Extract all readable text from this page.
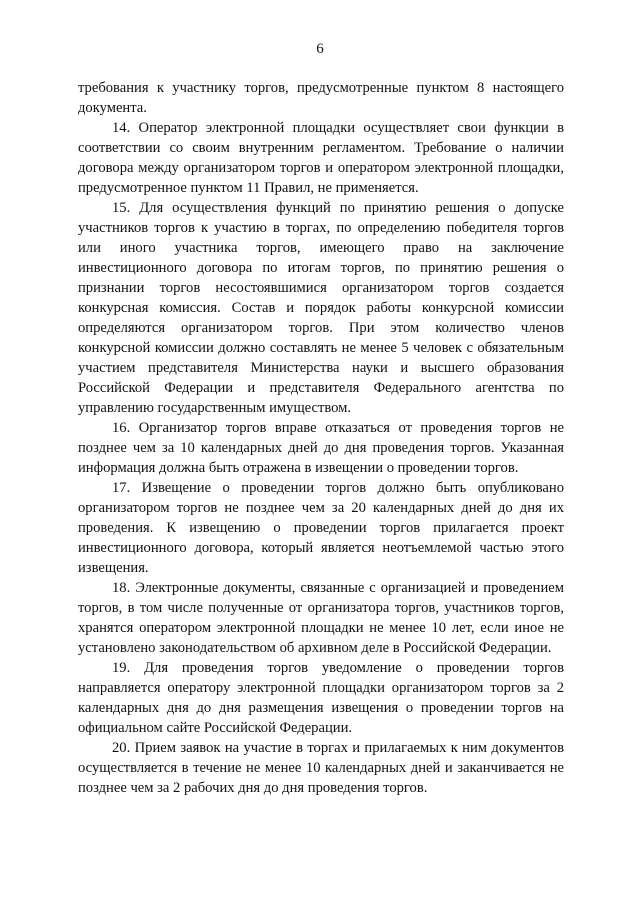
6

требования к участнику торгов, предусмотренные пунктом 8 настоящего документа.

14. Оператор электронной площадки осуществляет свои функции в соответствии со своим внутренним регламентом. Требование о наличии договора между организатором торгов и оператором электронной площадки, предусмотренное пунктом 11 Правил, не применяется.

15. Для осуществления функций по принятию решения о допуске участников торгов к участию в торгах, по определению победителя торгов или иного участника торгов, имеющего право на заключение инвестиционного договора по итогам торгов, по принятию решения о признании торгов несостоявшимися организатором торгов создается конкурсная комиссия. Состав и порядок работы конкурсной комиссии определяются организатором торгов. При этом количество членов конкурсной комиссии должно составлять не менее 5 человек с обязательным участием представителя Министерства науки и высшего образования Российской Федерации и представителя Федерального агентства по управлению государственным имуществом.

16. Организатор торгов вправе отказаться от проведения торгов не позднее чем за 10 календарных дней до дня проведения торгов. Указанная информация должна быть отражена в извещении о проведении торгов.

17. Извещение о проведении торгов должно быть опубликовано организатором торгов не позднее чем за 20 календарных дней до дня их проведения. К извещению о проведении торгов прилагается проект инвестиционного договора, который является неотъемлемой частью этого извещения.

18. Электронные документы, связанные с организацией и проведением торгов, в том числе полученные от организатора торгов, участников торгов, хранятся оператором электронной площадки не менее 10 лет, если иное не установлено законодательством об архивном деле в Российской Федерации.

19. Для проведения торгов уведомление о проведении торгов направляется оператору электронной площадки организатором торгов за 2 календарных дня до дня размещения извещения о проведении торгов на официальном сайте Российской Федерации.

20. Прием заявок на участие в торгах и прилагаемых к ним документов осуществляется в течение не менее 10 календарных дней и заканчивается не позднее чем за 2 рабочих дня до дня проведения торгов.
